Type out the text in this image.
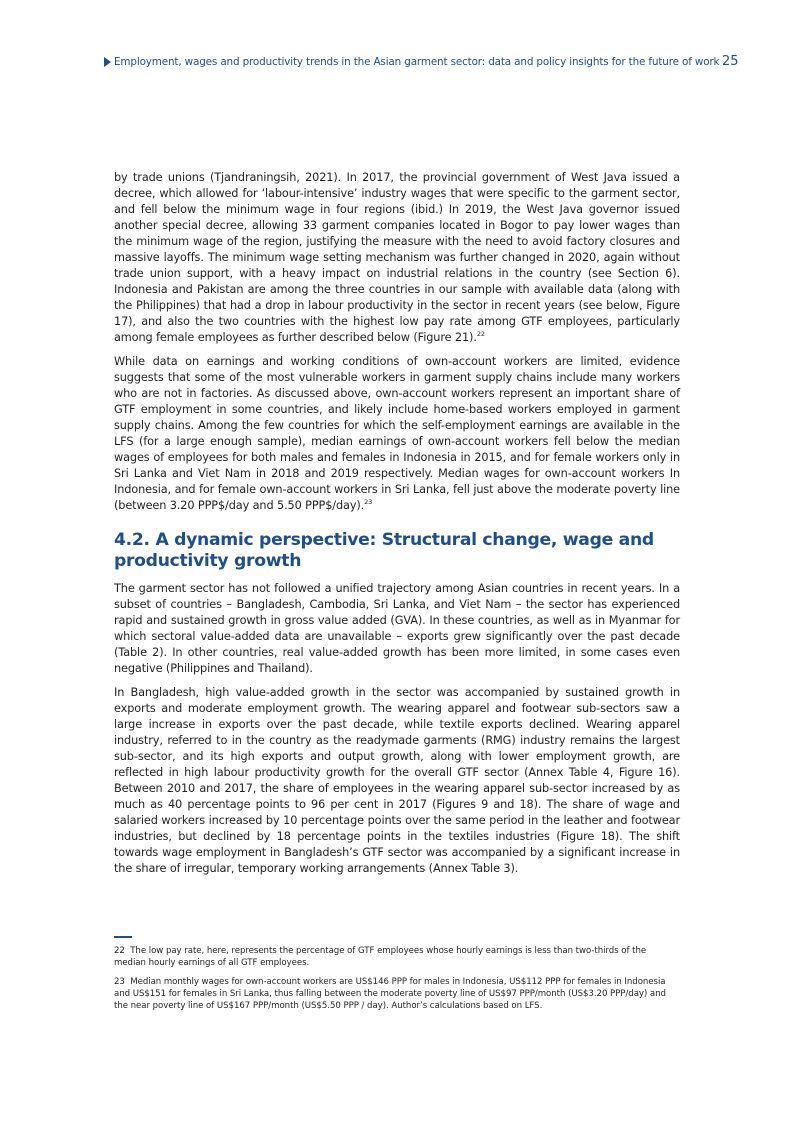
Employment, wages and productivity trends in the Asian garment sector: data and policy insights for the future of work 25

by trade unions (Tjandraningsih, 2021). In 2017, the provincial government of West Java issued a decree, which allowed for ‘labour-intensive’ industry wages that were specific to the garment sector, and fell below the minimum wage in four regions (ibid.) In 2019, the West Java governor issued another special decree, allowing 33 garment companies located in Bogor to pay lower wages than the minimum wage of the region, justifying the measure with the need to avoid factory closures and massive layoffs. The minimum wage setting mechanism was further changed in 2020, again without trade union support, with a heavy impact on industrial relations in the country (see Section 6). Indonesia and Pakistan are among the three countries in our sample with available data (along with the Philippines) that had a drop in labour productivity in the sector in recent years (see below, Figure 17), and also the two countries with the highest low pay rate among GTF employees, particularly among female employees as further described below (Figure 21).$^{22}$

While data on earnings and working conditions of own-account workers are limited, evidence suggests that some of the most vulnerable workers in garment supply chains include many workers who are not in factories. As discussed above, own-account workers represent an important share of GTF employment in some countries, and likely include home-based workers employed in garment supply chains. Among the few countries for which the self-employment earnings are available in the LFS (for a large enough sample), median earnings of own-account workers fell below the median wages of employees for both males and females in Indonesia in 2015, and for female workers only in Sri Lanka and Viet Nam in 2018 and 2019 respectively. Median wages for own-account workers In Indonesia, and for female own-account workers in Sri Lanka, fell just above the moderate poverty line (between 3.20 PPP$/day and 5.50 PPP$/day).$^{23}$

4.2. A dynamic perspective: Structural change, wage and productivity growth

The garment sector has not followed a unified trajectory among Asian countries in recent years. In a subset of countries – Bangladesh, Cambodia, Sri Lanka, and Viet Nam – the sector has experienced rapid and sustained growth in gross value added (GVA). In these countries, as well as in Myanmar for which sectoral value-added data are unavailable – exports grew significantly over the past decade (Table 2). In other countries, real value-added growth has been more limited, in some cases even negative (Philippines and Thailand).

In Bangladesh, high value-added growth in the sector was accompanied by sustained growth in exports and moderate employment growth. The wearing apparel and footwear sub-sectors saw a large increase in exports over the past decade, while textile exports declined. Wearing apparel industry, referred to in the country as the readymade garments (RMG) industry remains the largest sub-sector, and its high exports and output growth, along with lower employment growth, are reflected in high labour productivity growth for the overall GTF sector (Annex Table 4, Figure 16). Between 2010 and 2017, the share of employees in the wearing apparel sub-sector increased by as much as 40 percentage points to 96 per cent in 2017 (Figures 9 and 18). The share of wage and salaried workers increased by 10 percentage points over the same period in the leather and footwear industries, but declined by 18 percentage points in the textiles industries (Figure 18). The shift towards wage employment in Bangladesh’s GTF sector was accompanied by a significant increase in the share of irregular, temporary working arrangements (Annex Table 3).

22 The low pay rate, here, represents the percentage of GTF employees whose hourly earnings is less than two-thirds of the median hourly earnings of all GTF employees.

23 Median monthly wages for own-account workers are US$146 PPP for males in Indonesia, US$112 PPP for females in Indonesia and US$151 for females in Sri Lanka, thus falling between the moderate poverty line of US$97 PPP/month (US$3.20 PPP/day) and the near poverty line of US$167 PPP/month (US$5.50 PPP / day). Author’s calculations based on LFS.
